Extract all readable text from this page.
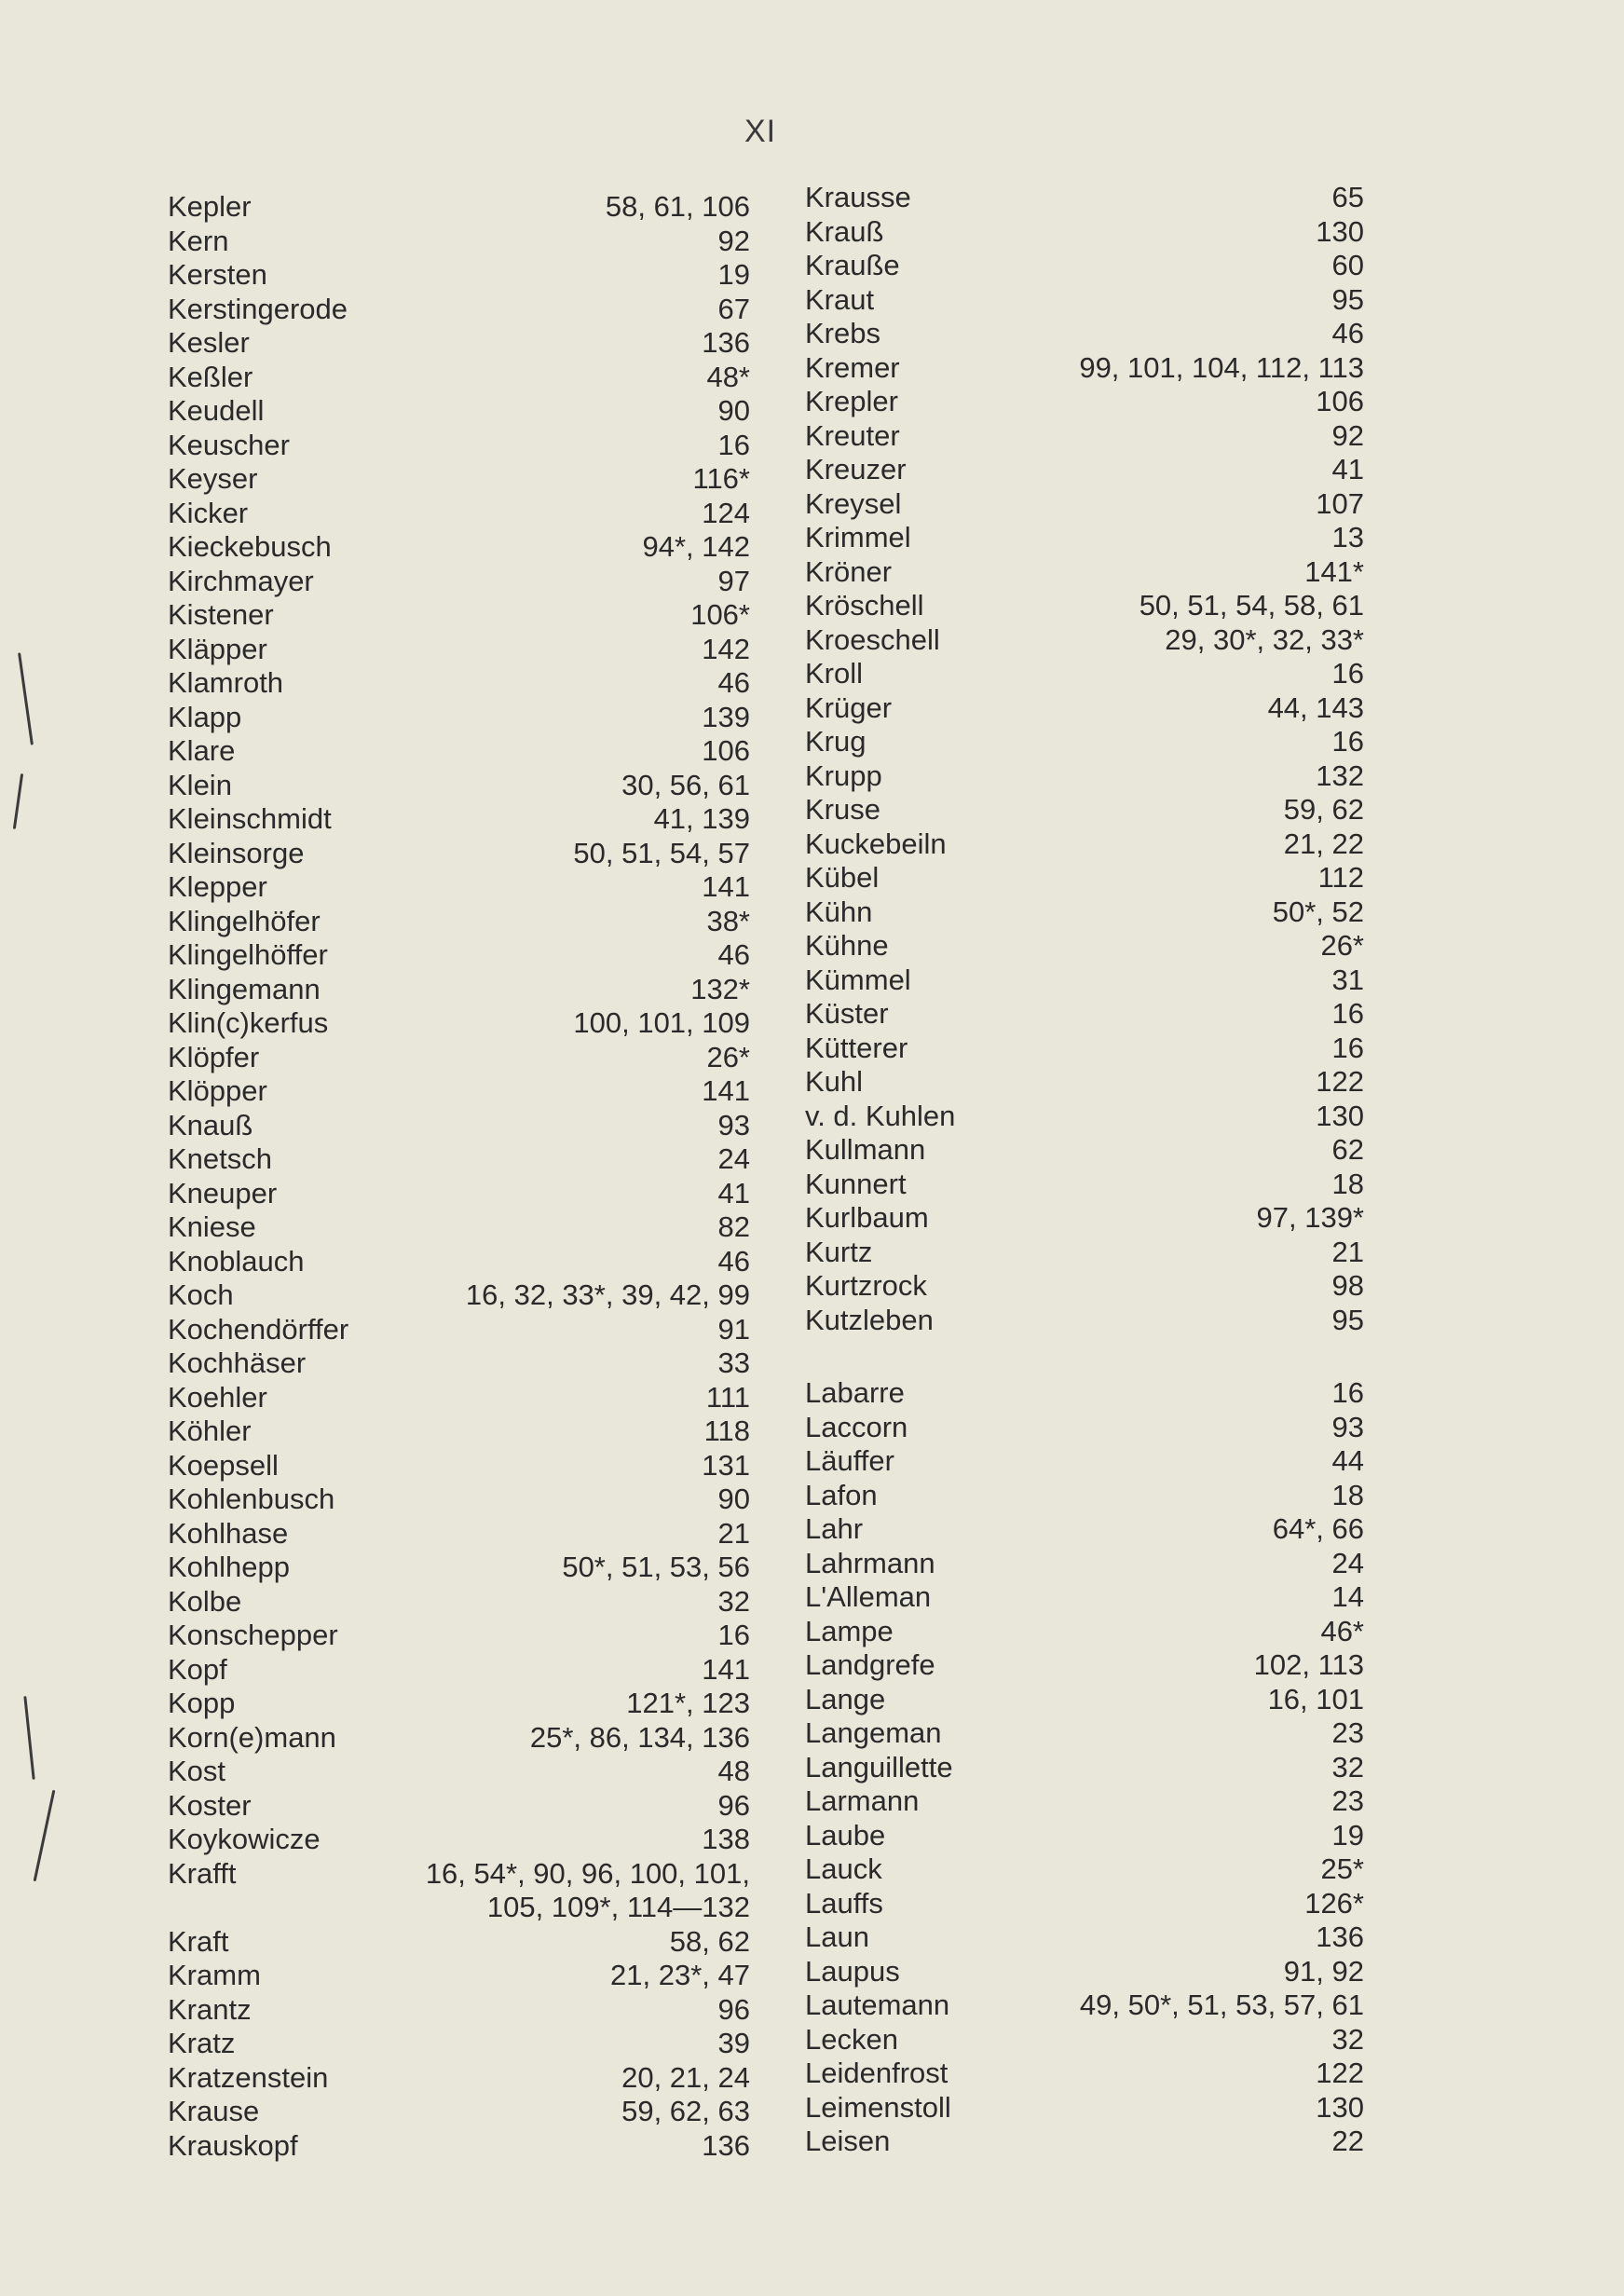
XI
Kepler	58, 61, 106
Kern	92
Kersten	19
Kerstingerode	67
Kesler	136
Keßler	48*
Keudell	90
Keuscher	16
Keyser	116*
Kicker	124
Kieckebusch	94*, 142
Kirchmayer	97
Kistener	106*
Kläpper	142
Klamroth	46
Klapp	139
Klare	106
Klein	30, 56, 61
Kleinschmidt	41, 139
Kleinsorge	50, 51, 54, 57
Klepper	141
Klingelhöfer	38*
Klingelhöffer	46
Klingemann	132*
Klin(c)kerfus	100, 101, 109
Klöpfer	26*
Klöpper	141
Knauß	93
Knetsch	24
Kneuper	41
Kniese	82
Knoblauch	46
Koch	16, 32, 33*, 39, 42, 99
Kochendörffer	91
Kochhäser	33
Koehler	111
Köhler	118
Koepsell	131
Kohlenbusch	90
Kohlhase	21
Kohlhepp	50*, 51, 53, 56
Kolbe	32
Konschepper	16
Kopf	141
Kopp	121*, 123
Korn(e)mann	25*, 86, 134, 136
Kost	48
Koster	96
Koykowicze	138
Krafft	16, 54*, 90, 96, 100, 101,
105, 109*, 114—132
Kraft	58, 62
Kramm	21, 23*, 47
Krantz	96
Kratz	39
Kratzenstein	20, 21, 24
Krause	59, 62, 63
Krauskopf	136
Krausse	65
Krauß	130
Krauße	60
Kraut	95
Krebs	46
Kremer	99, 101, 104, 112, 113
Krepler	106
Kreuter	92
Kreuzer	41
Kreysel	107
Krimmel	13
Kröner	141*
Kröschell	50, 51, 54, 58, 61
Kroeschell	29, 30*, 32, 33*
Kroll	16
Krüger	44, 143
Krug	16
Krupp	132
Kruse	59, 62
Kuckebeiln	21, 22
Kübel	112
Kühn	50*, 52
Kühne	26*
Kümmel	31
Küster	16
Kütterer	16
Kuhl	122
v. d. Kuhlen	130
Kullmann	62
Kunnert	18
Kurlbaum	97, 139*
Kurtz	21
Kurtzrock	98
Kutzleben	95
Labarre	16
Laccorn	93
Läuffer	44
Lafon	18
Lahr	64*, 66
Lahrmann	24
L'Alleman	14
Lampe	46*
Landgrefe	102, 113
Lange	16, 101
Langeman	23
Languillette	32
Larmann	23
Laube	19
Lauck	25*
Lauffs	126*
Laun	136
Laupus	91, 92
Lautemann	49, 50*, 51, 53, 57, 61
Lecken	32
Leidenfrost	122
Leimenstoll	130
Leisen	22
